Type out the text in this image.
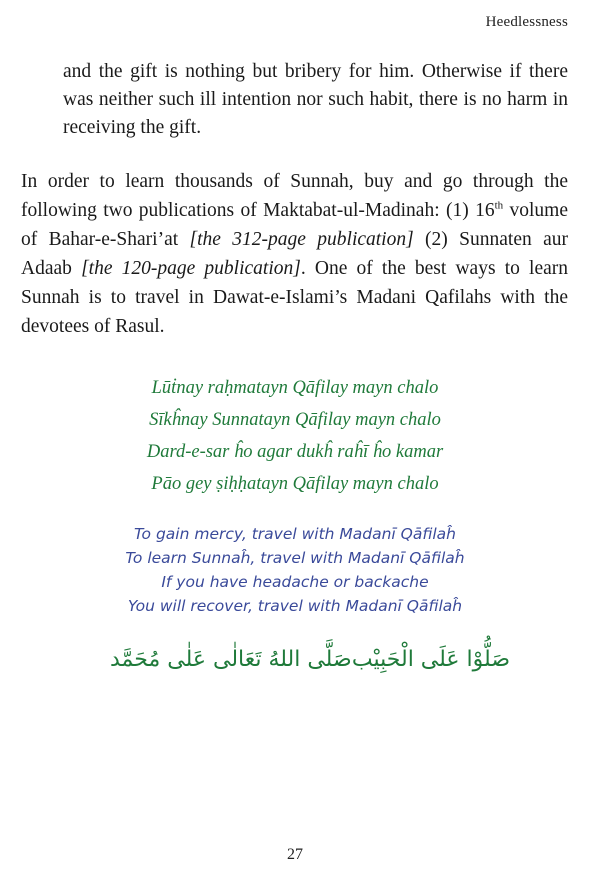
Heedlessness

and the gift is nothing but bribery for him. Otherwise if there was neither such ill intention nor such habit, there is no harm in receiving the gift.

In order to learn thousands of Sunnah, buy and go through the following two publications of Maktabat-ul-Madinah: (1) 16th volume of Bahar-e-Shari’at [the 312-page publication] (2) Sunnaten aur Adaab [the 120-page publication]. One of the best ways to learn Sunnah is to travel in Dawat-e-Islami’s Madani Qafilahs with the devotees of Rasul.

Lūṫnay raḥmatayn Qāfilay mayn chalo
Sīkĥnay Sunnatayn Qāfilay mayn chalo
Dard-e-sar ĥo agar dukĥ raĥī ĥo kamar
Pāo gey ṣiḥḥatayn Qāfilay mayn chalo
To gain mercy, travel with Madanī Qāfilaĥ
To learn Sunnaĥ, travel with Madanī Qāfilaĥ
If you have headache or backache
You will recover, travel with Madanī Qāfilaĥ
صَلُّوْا عَلَى الْحَبِيْب
صَلَّى اللهُ تَعَالٰى عَلٰى مُحَمَّد
27
